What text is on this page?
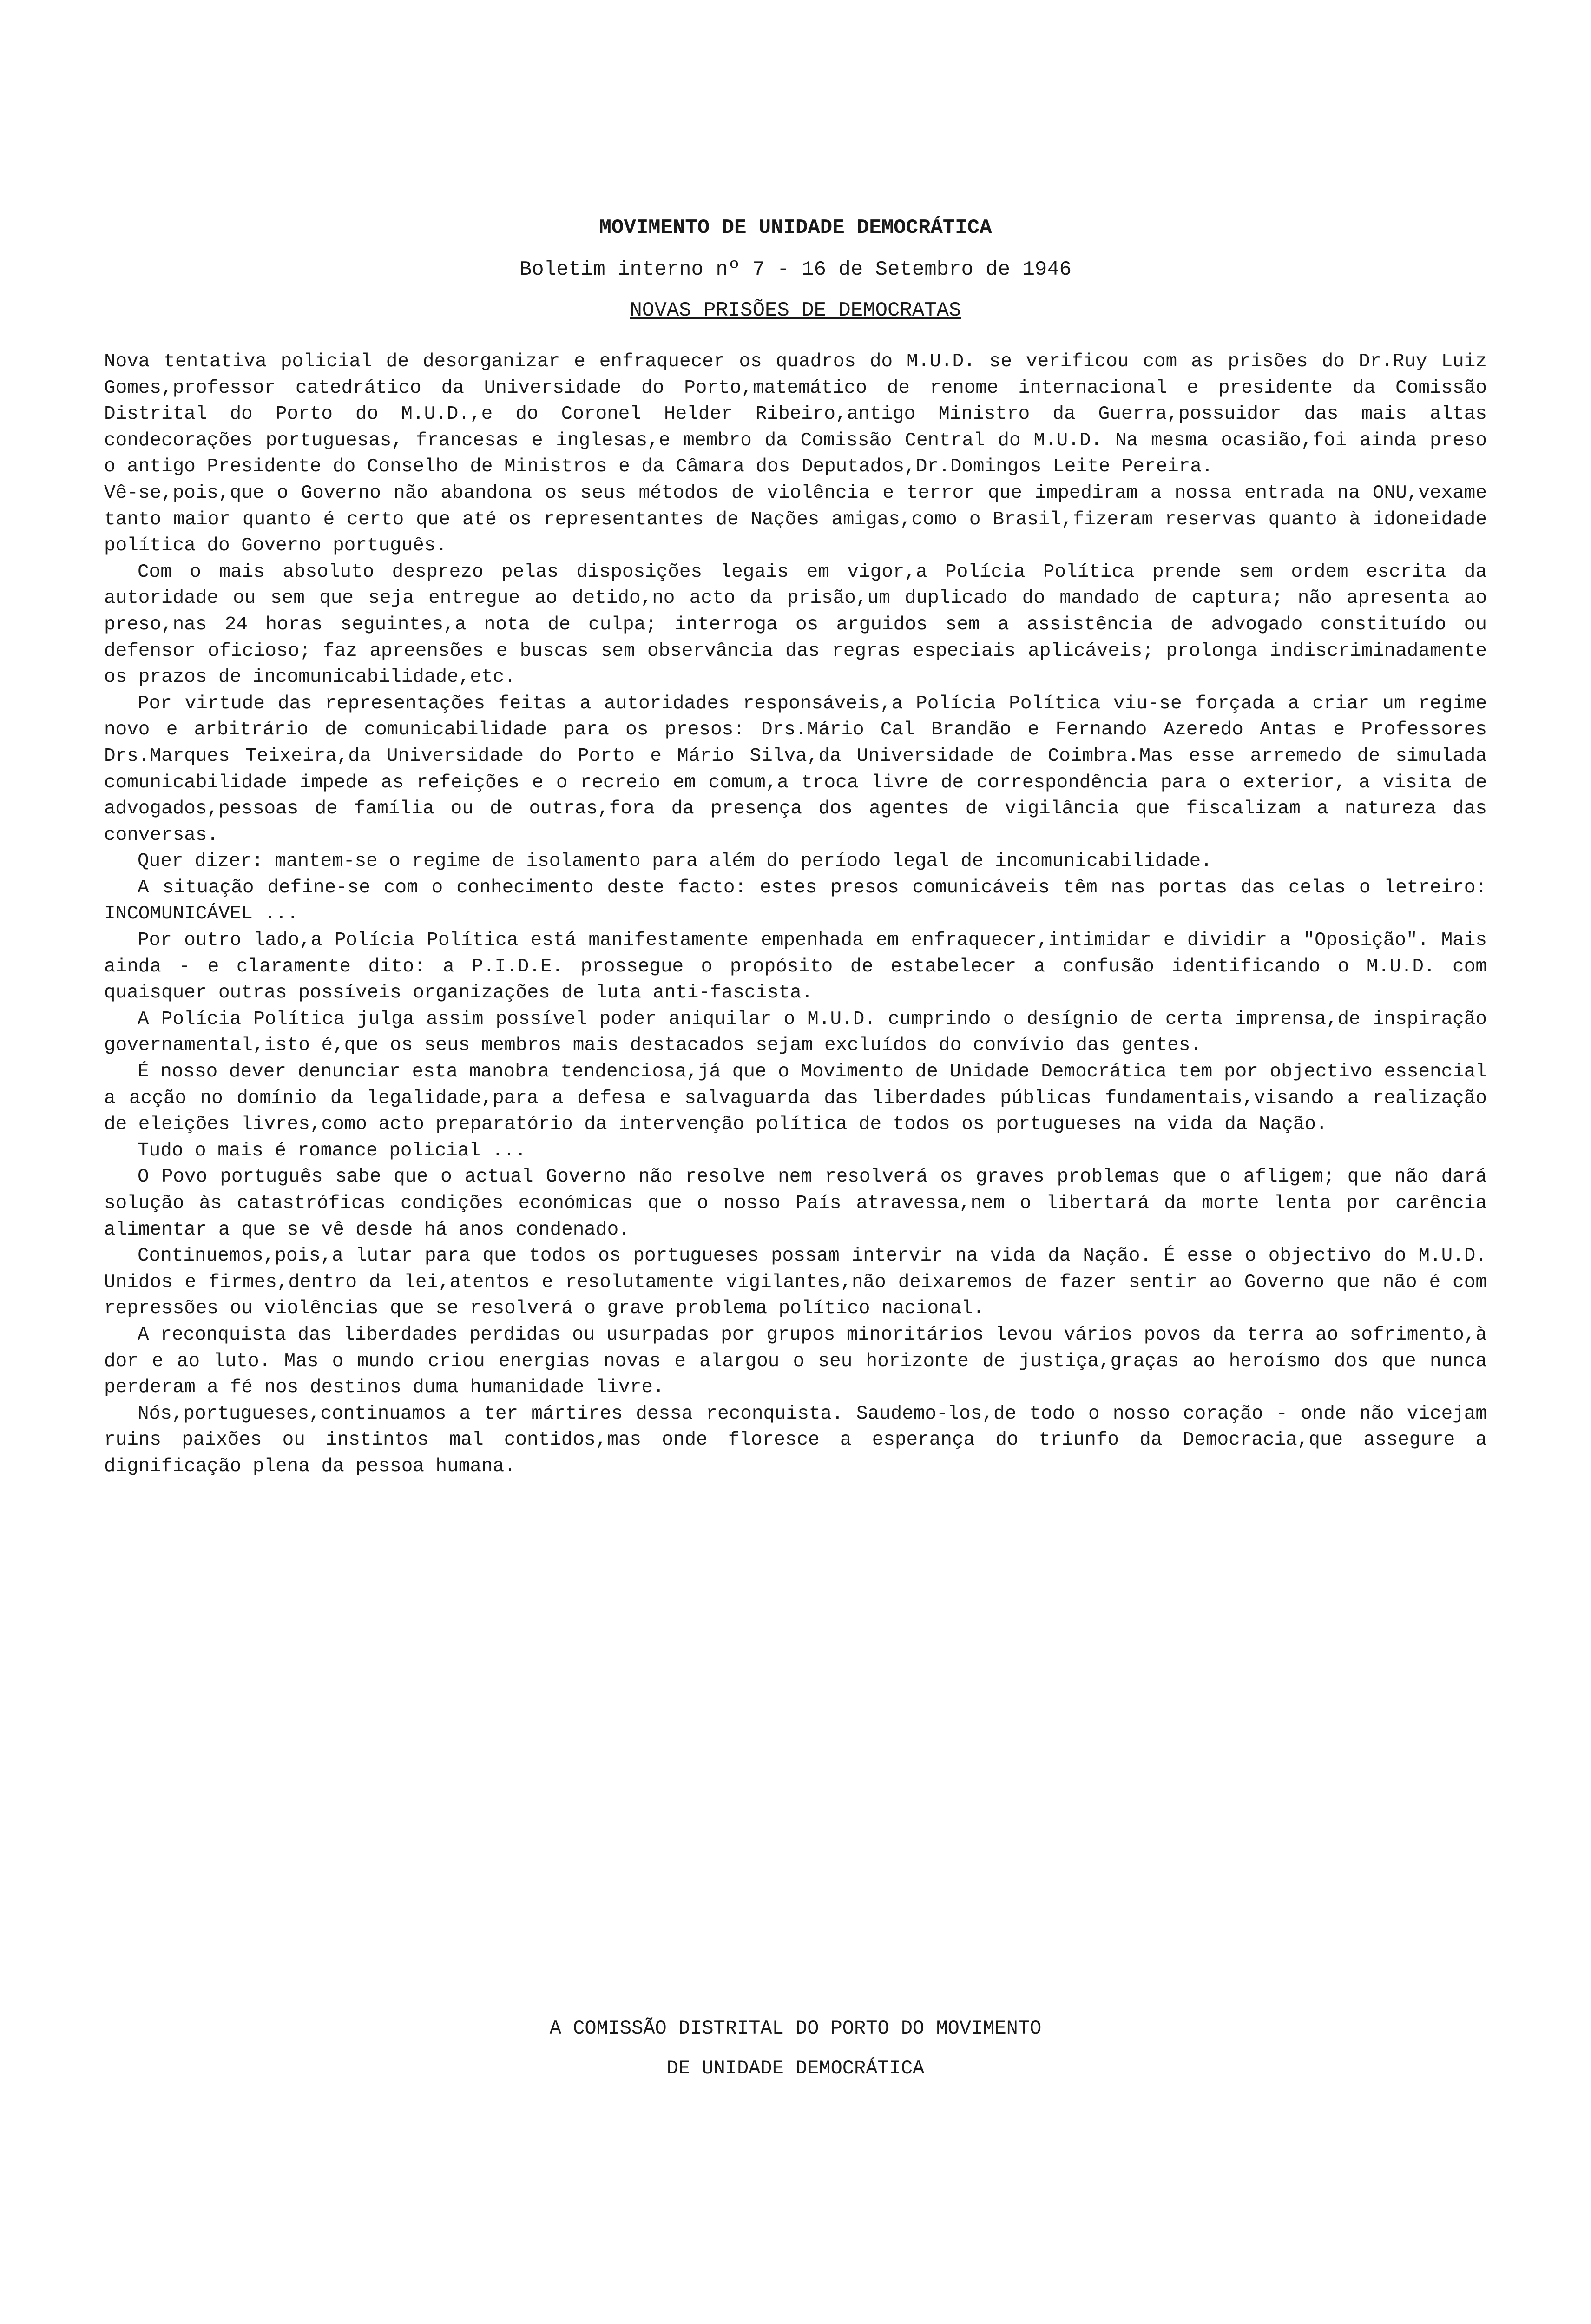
MOVIMENTO DE UNIDADE DEMOCRÁTICA
Boletim interno nº 7 - 16 de Setembro de 1946
NOVAS PRISÕES DE DEMOCRATAS

Nova tentativa policial de desorganizar e enfraquecer os quadros do M.U.D. se verificou com as prisões do Dr.Ruy Luiz Gomes,professor catedrático da Universidade do Porto,matemático de renome internacional e presidente da Comissão Distrital do Porto do M.U.D.,e do Coronel Helder Ribeiro,antigo Ministro da Guerra,possuidor das mais altas condecorações portuguesas, francesas e inglesas,e membro da Comissão Central do M.U.D. Na mesma ocasião,foi ainda preso o antigo Presidente do Conselho de Ministros e da Câmara dos Deputados,Dr.Domingos Leite Pereira.

Vê-se,pois,que o Governo não abandona os seus métodos de violência e terror que impediram a nossa entrada na ONU,vexame tanto maior quanto é certo que até os representantes de Nações amigas,como o Brasil,fizeram reservas quanto à idoneidade política do Governo português.

Com o mais absoluto desprezo pelas disposições legais em vigor,a Polícia Política prende sem ordem escrita da autoridade ou sem que seja entregue ao detido,no acto da prisão,um duplicado do mandado de captura; não apresenta ao preso,nas 24 horas seguintes,a nota de culpa; interroga os arguidos sem a assistência de advogado constituído ou defensor oficioso; faz apreensões e buscas sem observância das regras especiais aplicáveis; prolonga indiscriminadamente os prazos de incomunicabilidade,etc.

Por virtude das representações feitas a autoridades responsáveis,a Polícia Política viu-se forçada a criar um regime novo e arbitrário de comunicabilidade para os presos: Drs.Mário Cal Brandão e Fernando Azeredo Antas e Professores Drs.Marques Teixeira,da Universidade do Porto e Mário Silva,da Universidade de Coimbra.Mas esse arremedo de simulada comunicabilidade impede as refeições e o recreio em comum,a troca livre de correspondência para o exterior, a visita de advogados,pessoas de família ou de outras,fora da presença dos agentes de vigilância que fiscalizam a natureza das conversas.

Quer dizer: mantem-se o regime de isolamento para além do período legal de incomunicabilidade.

A situação define-se com o conhecimento deste facto: estes presos comunicáveis têm nas portas das celas o letreiro: INCOMUNICÁVEL ...

Por outro lado,a Polícia Política está manifestamente empenhada em enfraquecer,intimidar e dividir a "Oposição". Mais ainda - e claramente dito: a P.I.D.E. prossegue o propósito de estabelecer a confusão identificando o M.U.D. com quaisquer outras possíveis organizações de luta anti-fascista.

A Polícia Política julga assim possível poder aniquilar o M.U.D. cumprindo o desígnio de certa imprensa,de inspiração governamental,isto é,que os seus membros mais destacados sejam excluídos do convívio das gentes.

É nosso dever denunciar esta manobra tendenciosa,já que o Movimento de Unidade Democrática tem por objectivo essencial a acção no domínio da legalidade,para a defesa e salvaguarda das liberdades públicas fundamentais,visando a realização de eleições livres,como acto preparatório da intervenção política de todos os portugueses na vida da Nação.

Tudo o mais é romance policial ...

O Povo português sabe que o actual Governo não resolve nem resolverá os graves problemas que o afligem; que não dará solução às catastróficas condições económicas que o nosso País atravessa,nem o libertará da morte lenta por carência alimentar a que se vê desde há anos condenado.

Continuemos,pois,a lutar para que todos os portugueses possam intervir na vida da Nação. É esse o objectivo do M.U.D. Unidos e firmes,dentro da lei,atentos e resolutamente vigilantes,não deixaremos de fazer sentir ao Governo que não é com repressões ou violências que se resolverá o grave problema político nacional.

A reconquista das liberdades perdidas ou usurpadas por grupos minoritários levou vários povos da terra ao sofrimento,à dor e ao luto. Mas o mundo criou energias novas e alargou o seu horizonte de justiça,graças ao heroísmo dos que nunca perderam a fé nos destinos duma humanidade livre.

Nós,portugueses,continuamos a ter mártires dessa reconquista. Saudemo-los,de todo o nosso coração - onde não vicejam ruins paixões ou instintos mal contidos,mas onde floresce a esperança do triunfo da Democracia,que assegure a dignificação plena da pessoa humana.

A COMISSÃO DISTRITAL DO PORTO DO MOVIMENTO
DE UNIDADE DEMOCRÁTICA
